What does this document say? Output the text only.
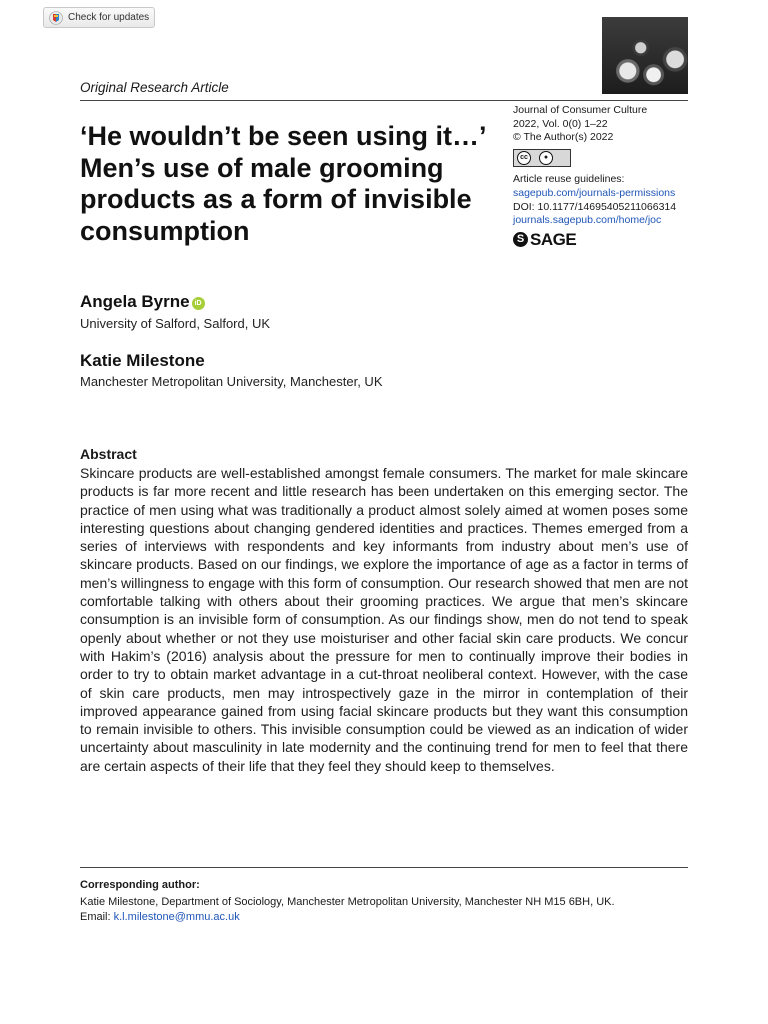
Check for updates
Original Research Article
‘He wouldn’t be seen using it…’ Men’s use of male grooming products as a form of invisible consumption
Journal of Consumer Culture
2022, Vol. 0(0) 1–22
© The Author(s) 2022
cc	●
Article reuse guidelines:
sagepub.com/journals-permissions
DOI: 10.1177/14695405211066314
journals.sagepub.com/home/joc
S SAGE
Angela Byrne iD
University of Salford, Salford, UK
Katie Milestone
Manchester Metropolitan University, Manchester, UK
Abstract

Skincare products are well-established amongst female consumers. The market for male skincare products is far more recent and little research has been undertaken on this emerging sector. The practice of men using what was traditionally a product almost solely aimed at women poses some interesting questions about changing gendered identities and practices. Themes emerged from a series of interviews with respondents and key informants from industry about men’s use of skincare products. Based on our findings, we explore the importance of age as a factor in terms of men’s willingness to engage with this form of consumption. Our research showed that men are not comfortable talking with others about their grooming practices. We argue that men’s skincare consumption is an invisible form of consumption. As our findings show, men do not tend to speak openly about whether or not they use moisturiser and other facial skin care products. We concur with Hakim’s (2016) analysis about the pressure for men to continually improve their bodies in order to try to obtain market advantage in a cut-throat neoliberal context. However, with the case of skin care products, men may introspectively gaze in the mirror in contemplation of their improved appearance gained from using facial skincare products but they want this consumption to remain invisible to others. This invisible consumption could be viewed as an indication of wider uncertainty about masculinity in late modernity and the continuing trend for men to feel that there are certain aspects of their life that they feel they should keep to themselves.

Corresponding author:
Katie Milestone, Department of Sociology, Manchester Metropolitan University, Manchester NH M15 6BH, UK.
Email: k.l.milestone@mmu.ac.uk
